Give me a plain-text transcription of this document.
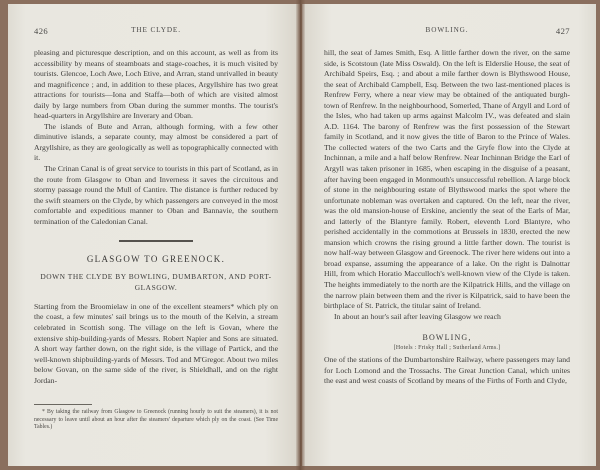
426	THE CLYDE.

pleasing and picturesque description, and on this account, as well as from its accessibility by means of steamboats and stage-coaches, it is much visited by tourists. Glencoe, Loch Awe, Loch Etive, and Arran, stand unrivalled in beauty and magnificence ; and, in addition to these places, Argyllshire has two great attractions for tourists—Iona and Staffa—both of which are visited almost daily by large numbers from Oban during the summer months. The tourist's head-quarters in Argyllshire are Inverary and Oban.

The islands of Bute and Arran, although forming, with a few other diminutive islands, a separate county, may almost be considered a part of Argyllshire, as they are geologically as well as topographically connected with it.

The Crinan Canal is of great service to tourists in this part of Scotland, as in the route from Glasgow to Oban and Inverness it saves the circuitous and stormy passage round the Mull of Cantire. The distance is further reduced by the swift steamers on the Clyde, by which passengers are conveyed in the most comfortable and expeditious manner to Oban and Bannavie, the southern termination of the Caledonian Canal.

GLASGOW TO GREENOCK.
DOWN THE CLYDE BY BOWLING, DUMBARTON, AND PORT-GLASGOW.

Starting from the Broomielaw in one of the excellent steamers* which ply on the coast, a few minutes' sail brings us to the mouth of the Kelvin, a stream celebrated in Scottish song. The village on the left is Govan, where the extensive ship-building-yards of Messrs. Robert Napier and Sons are situated. A short way farther down, on the right side, is the village of Partick, and the well-known shipbuilding-yards of Messrs. Tod and M'Gregor. About two miles below Govan, on the same side of the river, is Shieldhall, and on the right Jordan-

* By taking the railway from Glasgow to Greenock (running hourly to suit the steamers), it is not necessary to leave until about an hour after the steamers' departure which ply on the coast. (See Time Tables.)

427
BOWLING.

hill, the seat of James Smith, Esq. A little farther down the river, on the same side, is Scotstoun (late Miss Oswald). On the left is Elderslie House, the seat of Archibald Speirs, Esq. ; and about a mile farther down is Blythswood House, the seat of Archibald Campbell, Esq. Between the two last-mentioned places is Renfrew Ferry, where a near view may be obtained of the antiquated burgh-town of Renfrew. In the neighbourhood, Somerled, Thane of Argyll and Lord of the Isles, who had taken up arms against Malcolm IV., was defeated and slain A.D. 1164. The barony of Renfrew was the first possession of the Stewart family in Scotland, and it now gives the title of Baron to the Prince of Wales. The collected waters of the two Carts and the Gryfe flow into the Clyde at Inchinnan, a mile and a half below Renfrew. Near Inchinnan Bridge the Earl of Argyll was taken prisoner in 1685, when escaping in the disguise of a peasant, after having been engaged in Monmouth's unsuccessful rebellion. A large block of stone in the neighbouring estate of Blythswood marks the spot where the unfortunate nobleman was overtaken and captured. On the left, near the river, was the old mansion-house of Erskine, anciently the seat of the Earls of Mar, and latterly of the Blantyre family. Robert, eleventh Lord Blantyre, who perished accidentally in the commotions at Brussels in 1830, erected the new mansion which crowns the rising ground a little farther down. The tourist is now half-way between Glasgow and Greenock. The river here widens out into a broad expanse, assuming the appearance of a lake. On the right is Dalnottar Hill, from which Horatio Macculloch's well-known view of the Clyde is taken. The heights immediately to the north are the Kilpatrick Hills, and the village on the narrow plain between them and the river is Kilpatrick, said to have been the birthplace of St. Patrick, the titular saint of Ireland.

In about an hour's sail after leaving Glasgow we reach

BOWLING,
[Hotels : Frisky Hall ; Sutherland Arms.]

One of the stations of the Dumbartonshire Railway, where passengers may land for Loch Lomond and the Trossachs. The Great Junction Canal, which unites the east and west coasts of Scotland by means of the Firths of Forth and Clyde,
